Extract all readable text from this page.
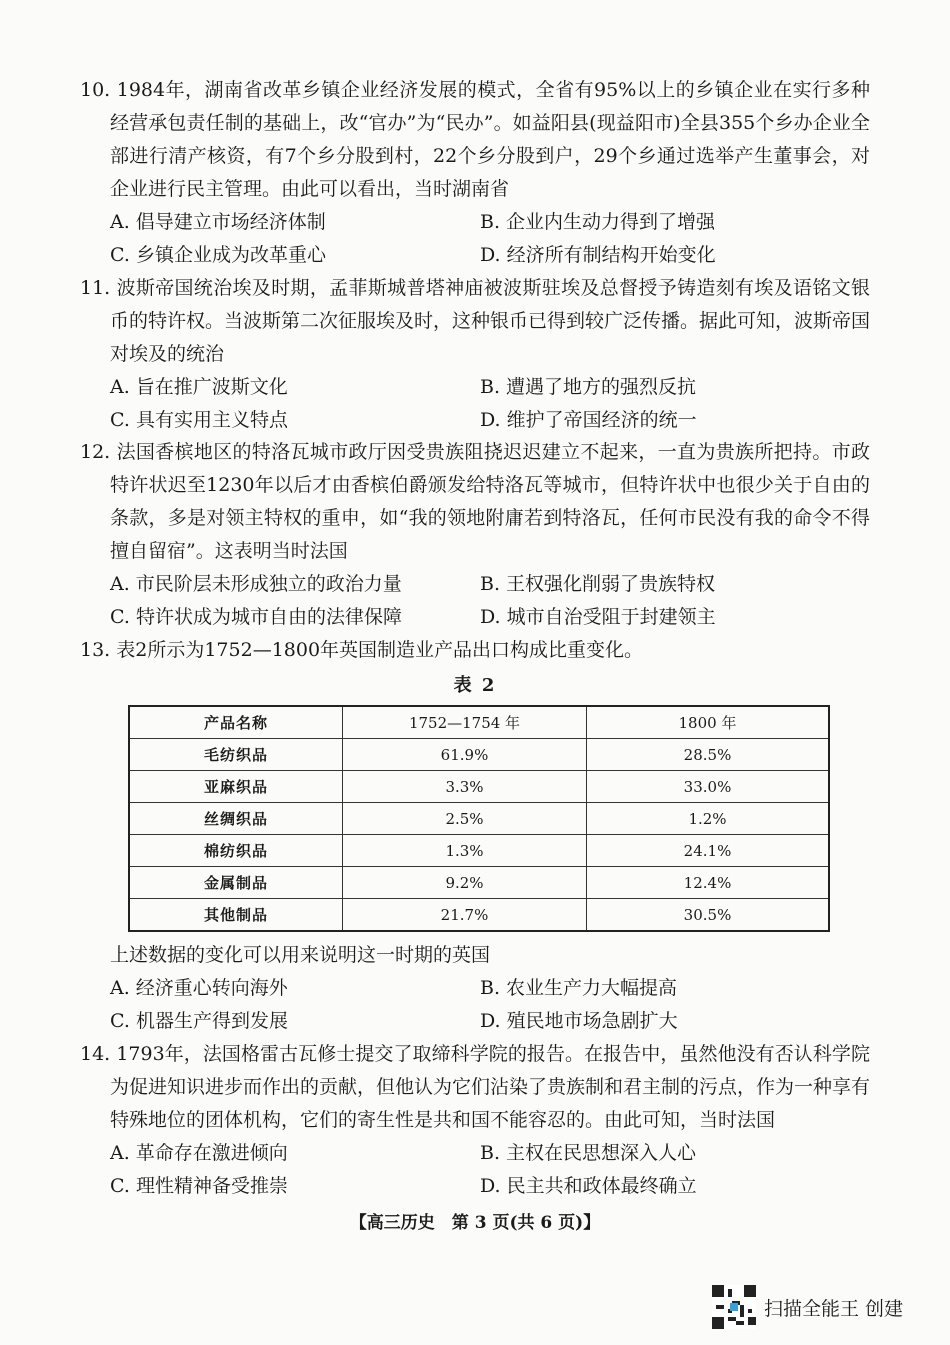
10. 1984年，湖南省改革乡镇企业经济发展的模式，全省有95%以上的乡镇企业在实行多种经营承包责任制的基础上，改“官办”为“民办”。如益阳县(现益阳市)全县355个乡办企业全部进行清产核资，有7个乡分股到村，22个乡分股到户，29个乡通过选举产生董事会，对企业进行民主管理。由此可以看出，当时湖南省
A. 倡导建立市场经济体制	B. 企业内生动力得到了增强
C. 乡镇企业成为改革重心	D. 经济所有制结构开始变化
11. 波斯帝国统治埃及时期，孟菲斯城普塔神庙被波斯驻埃及总督授予铸造刻有埃及语铭文银币的特许权。当波斯第二次征服埃及时，这种银币已得到较广泛传播。据此可知，波斯帝国对埃及的统治
A. 旨在推广波斯文化	B. 遭遇了地方的强烈反抗
C. 具有实用主义特点	D. 维护了帝国经济的统一
12. 法国香槟地区的特洛瓦城市政厅因受贵族阻挠迟迟建立不起来，一直为贵族所把持。市政特许状迟至1230年以后才由香槟伯爵颁发给特洛瓦等城市，但特许状中也很少关于自由的条款，多是对领主特权的重申，如“我的领地附庸若到特洛瓦，任何市民没有我的命令不得擅自留宿”。这表明当时法国
A. 市民阶层未形成独立的政治力量	B. 王权强化削弱了贵族特权
C. 特许状成为城市自由的法律保障	D. 城市自治受阻于封建领主
13. 表2所示为1752—1800年英国制造业产品出口构成比重变化。
表 2
产品名称	1752—1754 年	1800 年
毛纺织品	61.9%	28.5%
亚麻织品	3.3%	33.0%
丝绸织品	2.5%	1.2%
棉纺织品	1.3%	24.1%
金属制品	9.2%	12.4%
其他制品	21.7%	30.5%
上述数据的变化可以用来说明这一时期的英国
A. 经济重心转向海外	B. 农业生产力大幅提高
C. 机器生产得到发展	D. 殖民地市场急剧扩大
14. 1793年，法国格雷古瓦修士提交了取缔科学院的报告。在报告中，虽然他没有否认科学院为促进知识进步而作出的贡献，但他认为它们沾染了贵族制和君主制的污点，作为一种享有特殊地位的团体机构，它们的寄生性是共和国不能容忍的。由此可知，当时法国
A. 革命存在激进倾向	B. 主权在民思想深入人心
C. 理性精神备受推崇	D. 民主共和政体最终确立
【高三历史　第 3 页(共 6 页)】
扫描全能王 创建
